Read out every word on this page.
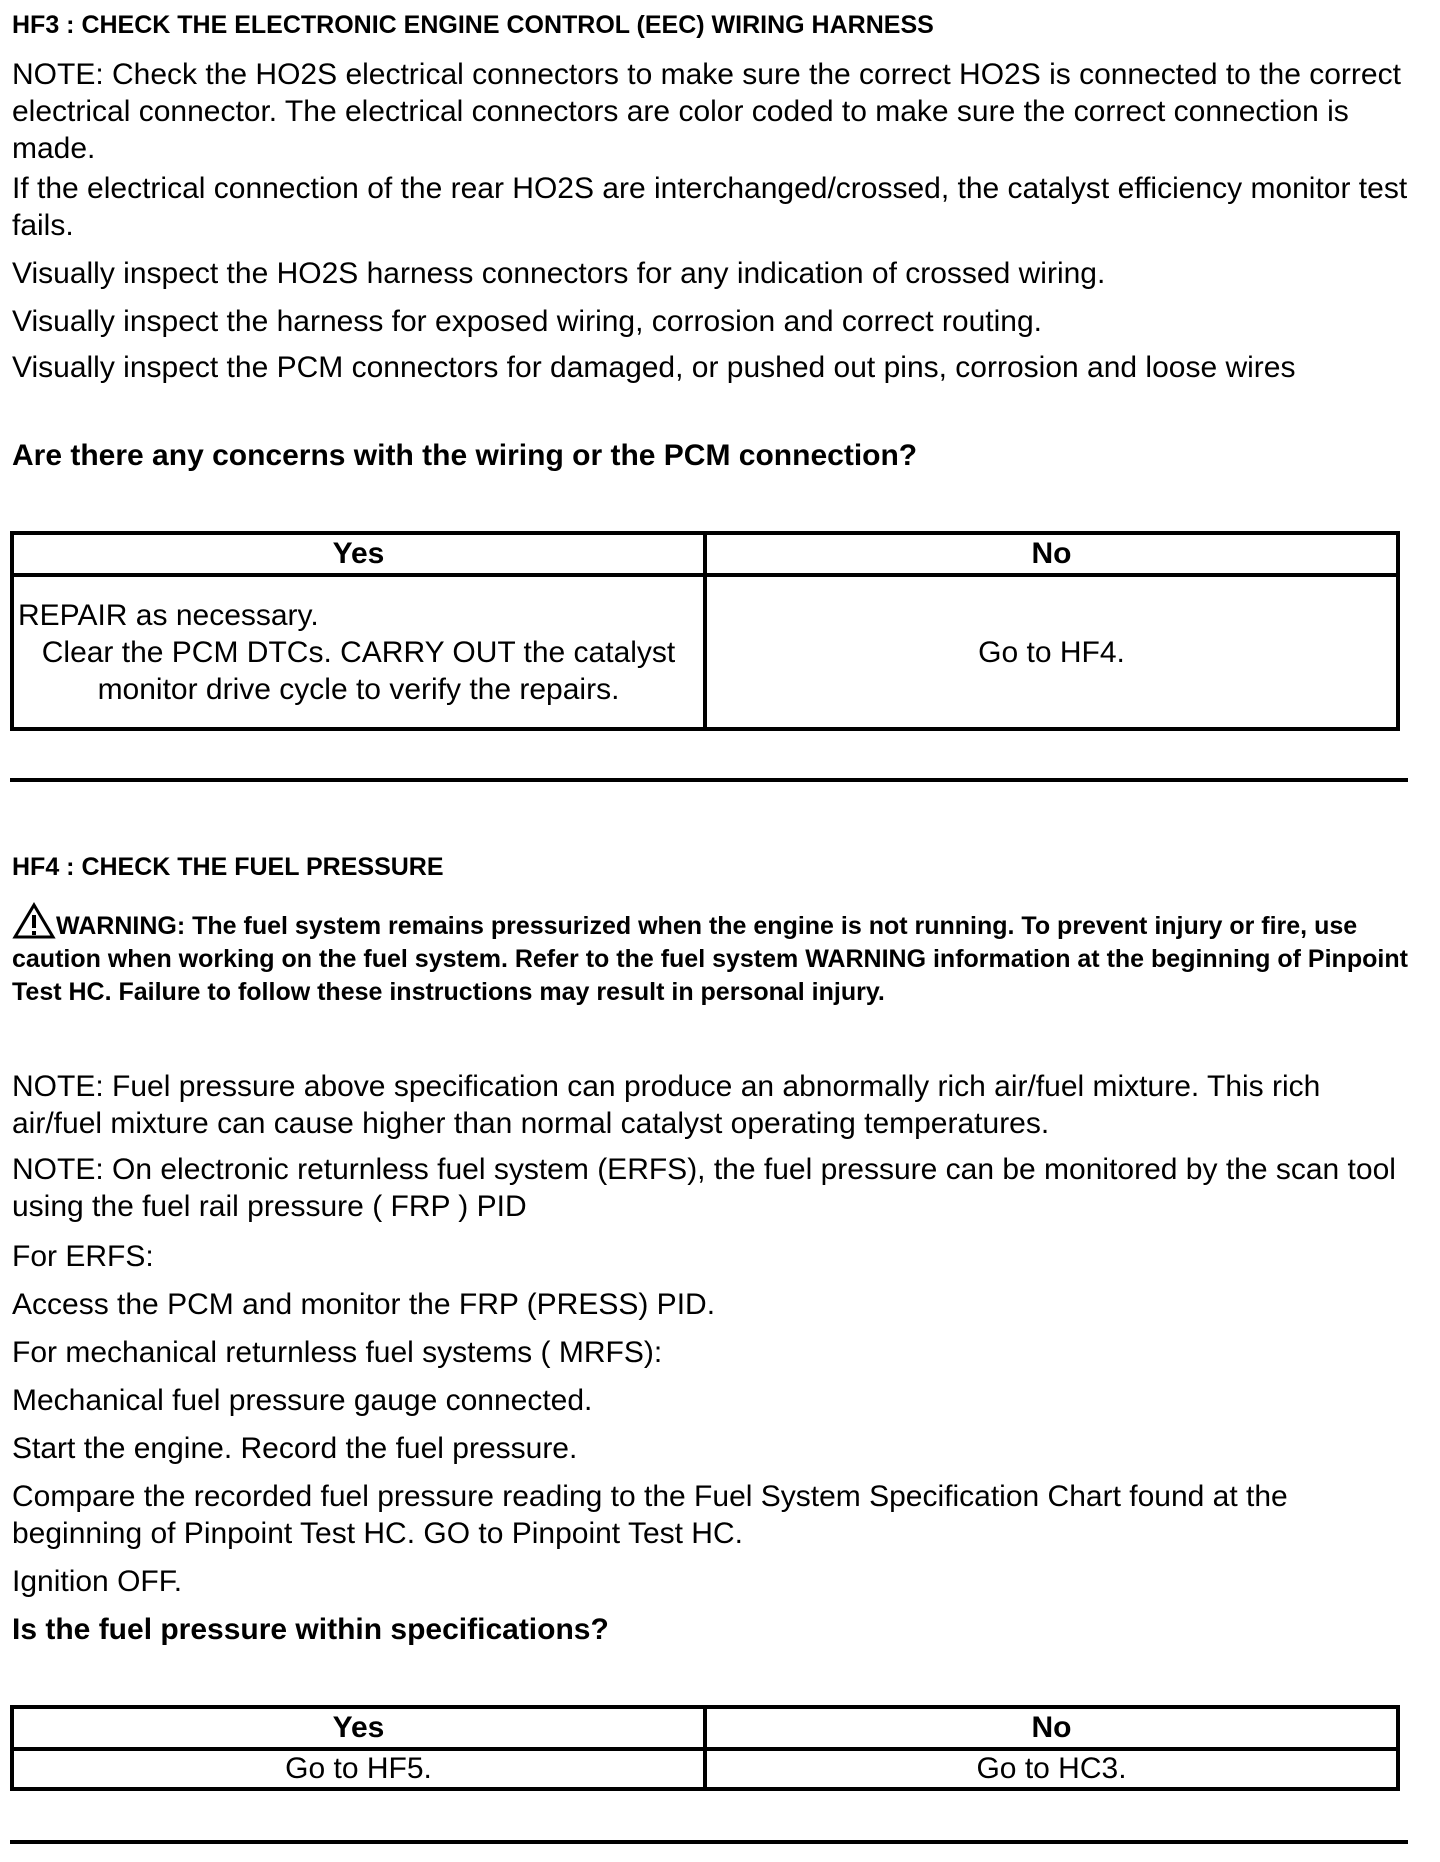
HF3 : CHECK THE ELECTRONIC ENGINE CONTROL (EEC) WIRING HARNESS
NOTE: Check the HO2S electrical connectors to make sure the correct HO2S is connected to the correct electrical connector. The electrical connectors are color coded to make sure the correct connection is made.
If the electrical connection of the rear HO2S are interchanged/crossed, the catalyst efficiency monitor test fails.
Visually inspect the HO2S harness connectors for any indication of crossed wiring.
Visually inspect the harness for exposed wiring, corrosion and correct routing.
Visually inspect the PCM connectors for damaged, or pushed out pins, corrosion and loose wires
Are there any concerns with the wiring or the PCM connection?
Yes	No

REPAIR as necessary.
Clear the PCM DTCs. CARRY OUT the catalyst monitor drive cycle to verify the repairs.	Go to HF4.
HF4 : CHECK THE FUEL PRESSURE
WARNING: The fuel system remains pressurized when the engine is not running. To prevent injury or fire, use caution when working on the fuel system. Refer to the fuel system WARNING information at the beginning of Pinpoint Test HC. Failure to follow these instructions may result in personal injury.
NOTE: Fuel pressure above specification can produce an abnormally rich air/fuel mixture. This rich air/fuel mixture can cause higher than normal catalyst operating temperatures.
NOTE: On electronic returnless fuel system (ERFS), the fuel pressure can be monitored by the scan tool using the fuel rail pressure ( FRP ) PID
For ERFS:
Access the PCM and monitor the FRP (PRESS) PID.
For mechanical returnless fuel systems ( MRFS):
Mechanical fuel pressure gauge connected.
Start the engine. Record the fuel pressure.
Compare the recorded fuel pressure reading to the Fuel System Specification Chart found at the beginning of Pinpoint Test HC. GO to Pinpoint Test HC.
Ignition OFF.
Is the fuel pressure within specifications?
Yes	No
Go to HF5.	Go to HC3.
